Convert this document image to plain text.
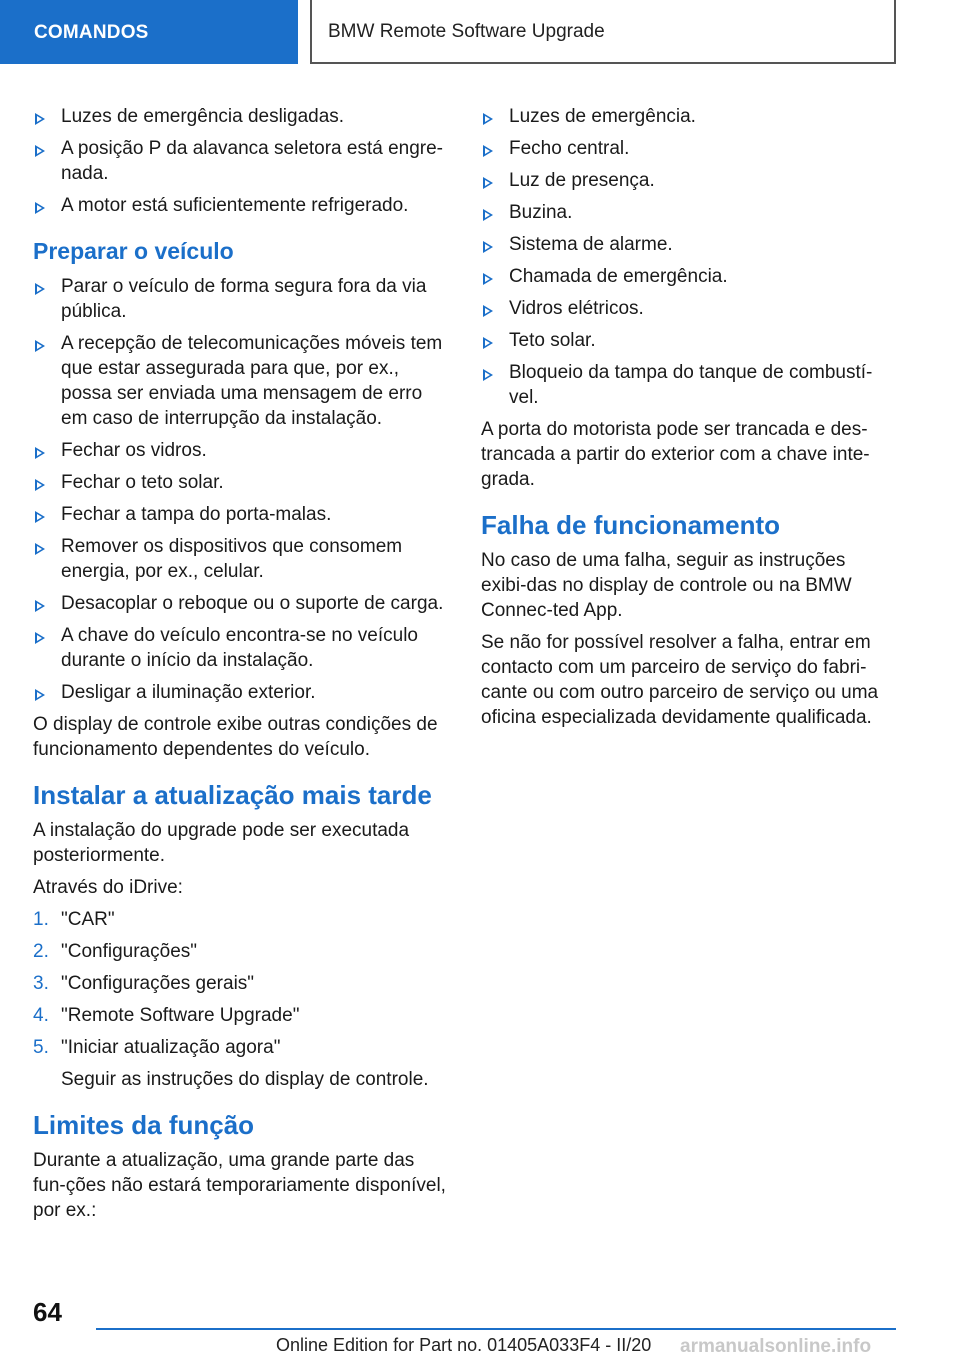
COMANDOS	BMW Remote Software Upgrade
Luzes de emergência desligadas.
A posição P da alavanca seletora está engre-nada.
A motor está suficientemente refrigerado.
Preparar o veículo
Parar o veículo de forma segura fora da via pública.
A recepção de telecomunicações móveis tem que estar assegurada para que, por ex., possa ser enviada uma mensagem de erro em caso de interrupção da instalação.
Fechar os vidros.
Fechar o teto solar.
Fechar a tampa do porta-malas.
Remover os dispositivos que consomem energia, por ex., celular.
Desacoplar o reboque ou o suporte de carga.
A chave do veículo encontra-se no veículo durante o início da instalação.
Desligar a iluminação exterior.

O display de controle exibe outras condições de funcionamento dependentes do veículo.

Instalar a atualização mais tarde

A instalação do upgrade pode ser executada posteriormente.

Através do iDrive:

1. "CAR"
2. "Configurações"
3. "Configurações gerais"
4. "Remote Software Upgrade"
5. "Iniciar atualização agora"

Seguir as instruções do display de controle.

Limites da função

Durante a atualização, uma grande parte das fun-ções não estará temporariamente disponível, por ex.:

Luzes de emergência.
Fecho central.
Luz de presença.
Buzina.
Sistema de alarme.
Chamada de emergência.
Vidros elétricos.
Teto solar.
Bloqueio da tampa do tanque de combustí-vel.

A porta do motorista pode ser trancada e des-trancada a partir do exterior com a chave inte-grada.

Falha de funcionamento

No caso de uma falha, seguir as instruções exibi-das no display de controle ou na BMW Connec-ted App.

Se não for possível resolver a falha, entrar em contacto com um parceiro de serviço do fabri-cante ou com outro parceiro de serviço ou uma oficina especializada devidamente qualificada.

64
Online Edition for Part no. 01405A033F4 - II/20 armanualsonline.info
